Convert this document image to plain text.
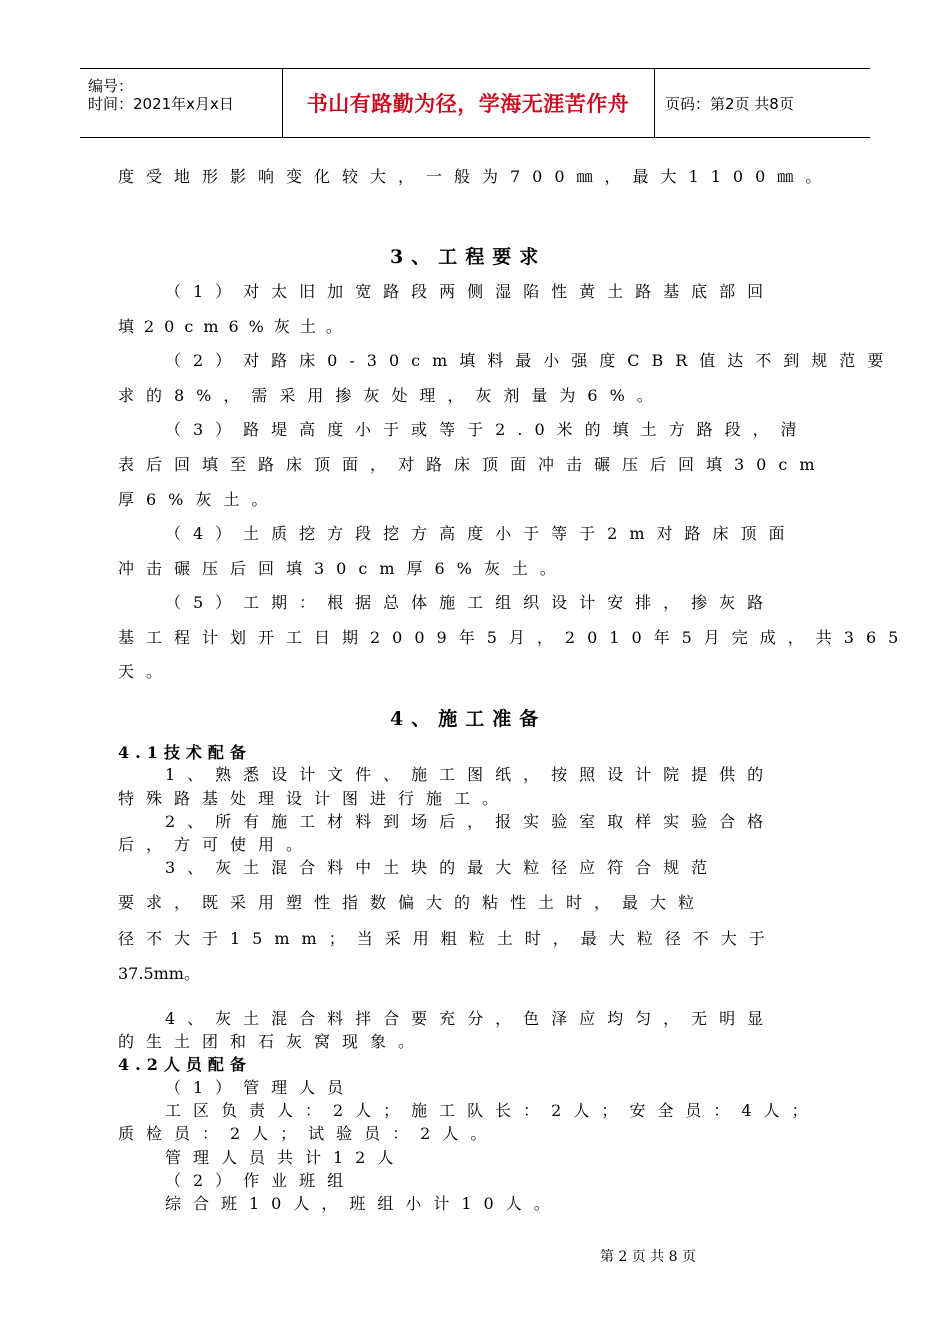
编号：
时间：2021年x月x日	书山有路勤为径，学海无涯苦作舟	页码：第2页 共8页
度受地形影响变化较大，一般为700㎜，最大1100㎜。
3、工程要求
（1）对太旧加宽路段两侧湿陷性黄土路基底部回
填20cm6%灰土。
（2）对路床0-30cm填料最小强度CBR值达不到规范要
求的8%，需采用掺灰处理，灰剂量为6%。
（3）路堤高度小于或等于2.0米的填土方路段，清
表后回填至路床顶面，对路床顶面冲击碾压后回填30cm
厚6%灰土。
（4）土质挖方段挖方高度小于等于2m对路床顶面
冲击碾压后回填30cm厚6%灰土。
（5）工期：根据总体施工组织设计安排，掺灰路
基工程计划开工日期2009年5月，2010年5月完成，共365
天。
4、施工准备
4.1技术配备
1、熟悉设计文件、施工图纸，按照设计院提供的
特殊路基处理设计图进行施工。
2、所有施工材料到场后，报实验室取样实验合格
后，方可使用。
3、灰土混合料中土块的最大粒径应符合规范
要求，既采用塑性指数偏大的粘性土时，最大粒
径不大于15mm；当采用粗粒土时，最大粒径不大于
37.5mm。
4、灰土混合料拌合要充分，色泽应均匀，无明显
的生土团和石灰窝现象。
4.2人员配备
（1）管理人员
工区负责人：2人；施工队长：2人；安全员：4人；
质检员：2人；试验员：2人。
管理人员共计12人
（2）作业班组
综合班10人，班组小计10人。
第 2 页 共 8 页
